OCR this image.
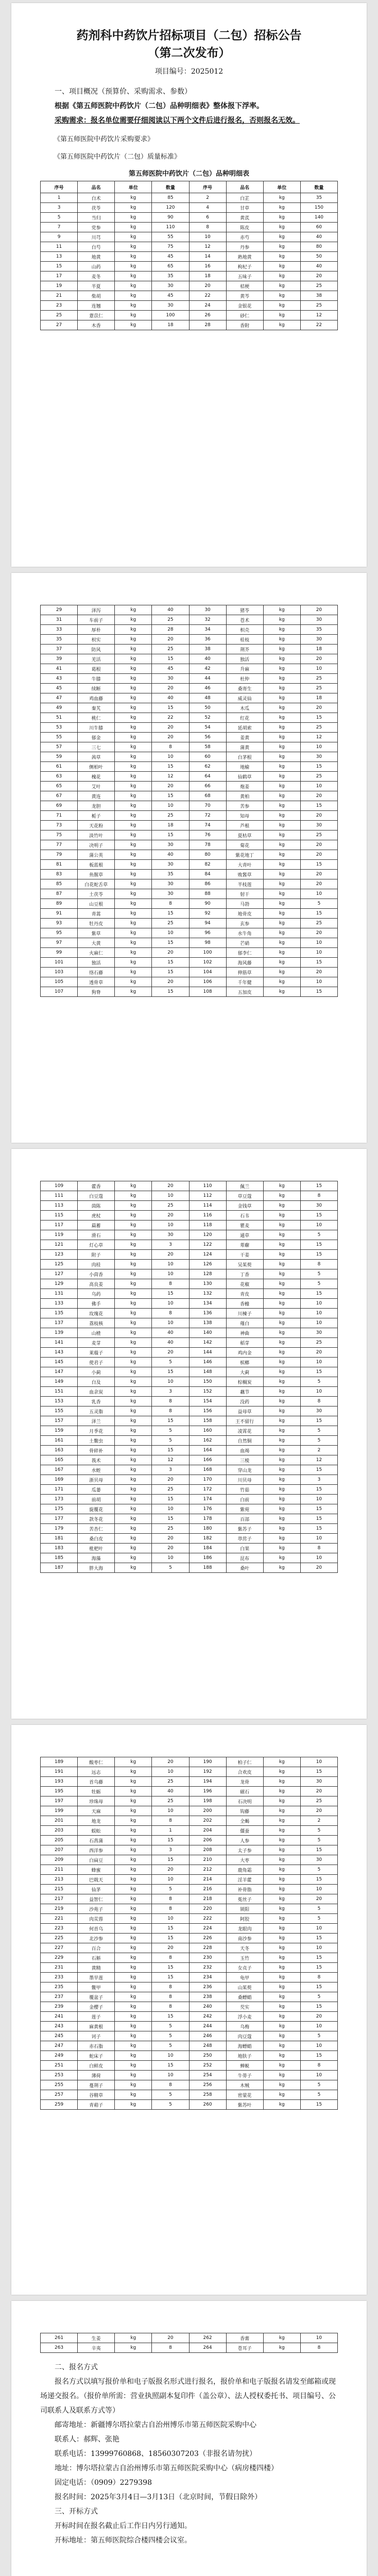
药剂科中药饮片招标项目（二包）招标公告
（第二次发布）
项目编号：2025012

一、项目概况（预算价、采购需求、参数）

根据《第五师医院中药饮片（二包）品种明细表》整体报下浮率。

采购需求：报名单位需要仔细阅读以下两个文件后进行报名，否则报名无效。

《第五师医院中药饮片采购要求》

《第五师医院中药饮片（二包）质量标准》

第五师医院中药饮片（二包）品种明细表
序号	品名	单位	数量	序号	品名	单位	数量
1	白术	kg	85	2	白芷	kg	35
3	茯苓	kg	120	4	甘草	kg	150
5	当归	kg	90	6	黄芪	kg	140
7	党参	kg	110	8	陈皮	kg	60
9	川芎	kg	55	10	赤芍	kg	40
11	白芍	kg	75	12	丹参	kg	80
13	地黄	kg	45	14	熟地黄	kg	50
15	山药	kg	65	16	枸杞子	kg	40
17	麦冬	kg	35	18	五味子	kg	20
19	半夏	kg	30	20	桔梗	kg	25
21	柴胡	kg	45	22	黄芩	kg	38
23	连翘	kg	30	24	金银花	kg	25
25	薏苡仁	kg	100	26	砂仁	kg	12
27	木香	kg	18	28	香附	kg	22
29	泽泻	kg	40	30	猪苓	kg	20
31	车前子	kg	25	32	苍术	kg	30
33	厚朴	kg	28	34	枳壳	kg	35
35	枳实	kg	20	36	桂枝	kg	30
37	防风	kg	25	38	荆芥	kg	18
39	羌活	kg	15	40	独活	kg	20
41	葛根	kg	45	42	升麻	kg	10
43	牛膝	kg	30	44	杜仲	kg	25
45	续断	kg	20	46	桑寄生	kg	25
47	鸡血藤	kg	40	48	威灵仙	kg	18
49	秦艽	kg	15	50	木瓜	kg	20
51	桃仁	kg	22	52	红花	kg	15
53	川牛膝	kg	20	54	延胡索	kg	25
55	郁金	kg	20	56	姜黄	kg	12
57	三七	kg	8	58	蒲黄	kg	10
59	茜草	kg	10	60	白茅根	kg	30
61	侧柏叶	kg	15	62	地榆	kg	15
63	槐花	kg	12	64	仙鹤草	kg	25
65	艾叶	kg	20	66	炮姜	kg	10
67	黄连	kg	15	68	黄柏	kg	20
69	龙胆	kg	10	70	苦参	kg	15
71	栀子	kg	25	72	知母	kg	20
73	天花粉	kg	18	74	芦根	kg	30
75	淡竹叶	kg	15	76	夏枯草	kg	25
77	决明子	kg	30	78	菊花	kg	20
79	蒲公英	kg	40	80	紫花地丁	kg	20
81	板蓝根	kg	30	82	大青叶	kg	15
83	鱼腥草	kg	35	84	败酱草	kg	20
85	白花蛇舌草	kg	30	86	半枝莲	kg	20
87	土茯苓	kg	30	88	射干	kg	10
89	山豆根	kg	8	90	马勃	kg	5
91	青蒿	kg	15	92	地骨皮	kg	15
93	牡丹皮	kg	25	94	玄参	kg	25
95	紫草	kg	10	96	水牛角	kg	20
97	大黄	kg	15	98	芒硝	kg	10
99	火麻仁	kg	20	100	郁李仁	kg	10
101	独活	kg	15	102	海风藤	kg	15
103	络石藤	kg	15	104	伸筋草	kg	20
105	透骨草	kg	20	106	千年健	kg	10
107	狗脊	kg	15	108	五加皮	kg	15
109	藿香	kg	20	110	佩兰	kg	15
111	白豆蔻	kg	10	112	草豆蔻	kg	8
113	茵陈	kg	25	114	金钱草	kg	30
115	虎杖	kg	20	116	石韦	kg	15
117	萹蓄	kg	10	118	瞿麦	kg	10
119	滑石	kg	30	120	通草	kg	5
121	灯心草	kg	3	122	萆薢	kg	15
123	附子	kg	20	124	干姜	kg	15
125	肉桂	kg	10	126	吴茱萸	kg	8
127	小茴香	kg	10	128	丁香	kg	5
129	高良姜	kg	8	130	花椒	kg	5
131	乌药	kg	15	132	青皮	kg	15
133	佛手	kg	10	134	香橼	kg	10
135	玫瑰花	kg	8	136	川楝子	kg	10
137	荔枝核	kg	10	138	薤白	kg	10
139	山楂	kg	40	140	神曲	kg	30
141	麦芽	kg	40	142	稻芽	kg	25
143	莱菔子	kg	20	144	鸡内金	kg	20
145	使君子	kg	5	146	槟榔	kg	10
147	小蓟	kg	15	148	大蓟	kg	15
149	白及	kg	10	150	棕榈炭	kg	5
151	血余炭	kg	3	152	藕节	kg	10
153	乳香	kg	8	154	没药	kg	8
155	五灵脂	kg	8	156	益母草	kg	30
157	泽兰	kg	15	158	王不留行	kg	15
159	月季花	kg	5	160	凌霄花	kg	5
161	土鳖虫	kg	5	162	自然铜	kg	5
163	骨碎补	kg	15	164	血竭	kg	2
165	莪术	kg	12	166	三棱	kg	12
167	水蛭	kg	3	168	穿山龙	kg	15
169	浙贝母	kg	20	170	川贝母	kg	3
171	瓜蒌	kg	25	172	竹茹	kg	15
173	前胡	kg	15	174	白前	kg	10
175	旋覆花	kg	10	176	紫菀	kg	15
177	款冬花	kg	15	178	百部	kg	15
179	苦杏仁	kg	25	180	紫苏子	kg	15
181	桑白皮	kg	20	182	葶苈子	kg	10
183	枇杷叶	kg	20	184	白果	kg	8
185	海藻	kg	10	186	昆布	kg	10
187	胖大海	kg	5	188	桑叶	kg	20
189	酸枣仁	kg	20	190	柏子仁	kg	10
191	远志	kg	10	192	合欢皮	kg	15
193	首乌藤	kg	25	194	龙骨	kg	30
195	牡蛎	kg	40	196	磁石	kg	20
197	珍珠母	kg	25	198	石决明	kg	25
199	天麻	kg	10	200	钩藤	kg	20
201	地龙	kg	8	202	全蝎	kg	2
203	蜈蚣	kg	1	204	僵蚕	kg	5
205	石菖蒲	kg	15	206	人参	kg	5
207	西洋参	kg	3	208	太子参	kg	15
209	白扁豆	kg	15	210	大枣	kg	30
211	蜂蜜	kg	20	212	鹿角霜	kg	5
213	巴戟天	kg	10	214	淫羊藿	kg	15
215	仙茅	kg	5	216	补骨脂	kg	10
217	益智仁	kg	8	218	菟丝子	kg	20
219	沙苑子	kg	8	220	锁阳	kg	5
221	肉苁蓉	kg	10	222	阿胶	kg	5
223	何首乌	kg	15	224	龙眼肉	kg	10
225	北沙参	kg	15	226	南沙参	kg	15
227	百合	kg	20	228	天冬	kg	10
229	石斛	kg	8	230	玉竹	kg	15
231	黄精	kg	15	232	女贞子	kg	15
233	墨旱莲	kg	15	234	龟甲	kg	8
235	鳖甲	kg	8	236	山茱萸	kg	15
237	覆盆子	kg	8	238	桑螵蛸	kg	5
239	金樱子	kg	8	240	芡实	kg	15
241	莲子	kg	15	242	浮小麦	kg	20
243	麻黄根	kg	5	244	乌梅	kg	10
245	诃子	kg	5	246	肉豆蔻	kg	5
247	赤石脂	kg	5	248	海螵蛸	kg	10
249	蛇床子	kg	10	250	地肤子	kg	15
251	白鲜皮	kg	15	252	蝉蜕	kg	8
253	薄荷	kg	10	254	牛蒡子	kg	10
255	蔓荆子	kg	8	256	木贼	kg	5
257	谷精草	kg	5	258	密蒙花	kg	5
259	青葙子	kg	5	260	紫苏叶	kg	15
261	生姜	kg	20	262	香薷	kg	10
263	辛夷	kg	8	264	苍耳子	kg	8

二、报名方式

报名方式以填写报价单和电子版报名形式进行报名，报价单和电子版报名请发至邮箱或现场递交报名。（报价单所需：营业执照副本复印件（盖公章）、法人授权委托书、项目编号、公司联系人及联系方式等）

邮寄地址：新疆博尔塔拉蒙古自治州博乐市第五师医院采购中心

联系人：郝辉、张艳

联系电话：13999760868、18560307203（非报名请勿扰）

地址：博尔塔拉蒙古自治州博乐市第五师医院采购中心（病房楼四楼）

固定电话：（0909）2279398

报名时间：2025年3月4日—3月13日（北京时间，节假日除外）

三、开标方式

开标时间在报名截止后工作日内另行通知。

开标地址：第五师医院综合楼四楼会议室。
